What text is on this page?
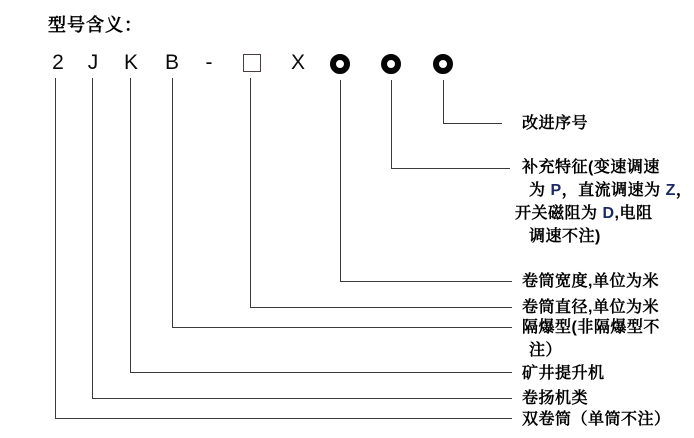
型号含义：
2 J K B -	X
改进序号
补充特征(变速调速
为 P，直流调速为 Z，
开关磁阻为 D,电阻
调速不注)
卷筒宽度,单位为米
卷筒直径,单位为米
隔爆型(非隔爆型不
注）
矿井提升机
卷扬机类
双卷筒（单筒不注）
